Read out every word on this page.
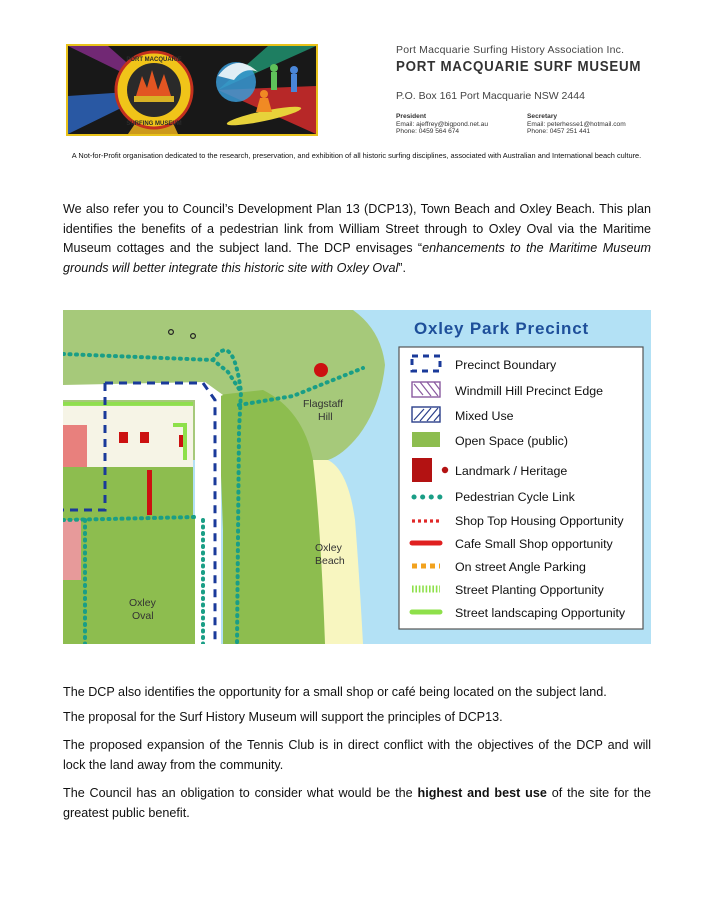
PORT MACQUARIE
SURFING MUSEUM
Port Macquarie Surfing History Association Inc.
PORT MACQUARIE SURF MUSEUM
P.O. Box 161 Port Macquarie NSW 2444
President
Email: ajeffrey@bigpond.net.au
Phone: 0459 564 674
Secretary
Email: peterhesse1@hotmail.com
Phone: 0457 251 441
A Not-for-Profit organisation dedicated to the research, preservation, and exhibition of all historic surfing disciplines, associated with Australian and International beach culture.

We also refer you to Council’s Development Plan 13 (DCP13), Town Beach and Oxley Beach. This plan identifies the benefits of a pedestrian link from William Street through to Oxley Oval via the Maritime Museum cottages and the subject land. The DCP envisages “enhancements to the Maritime Museum grounds will better integrate this historic site with Oxley Oval”.

Flagstaff
Hill
Oxley
Beach
Oxley
Oval
Oxley Park Precinct
Precinct Boundary
Windmill Hill Precinct Edge
Mixed Use
Open Space (public)
Landmark / Heritage
Pedestrian Cycle Link
Shop Top Housing Opportunity
Cafe Small Shop opportunity
On street Angle Parking
Street Planting Opportunity
Street landscaping Opportunity

The DCP also identifies the opportunity for a small shop or café being located on the subject land.

The proposal for the Surf History Museum will support the principles of DCP13.

The proposed expansion of the Tennis Club is in direct conflict with the objectives of the DCP and will lock the land away from the community.

The Council has an obligation to consider what would be the highest and best use of the site for the greatest public benefit.
